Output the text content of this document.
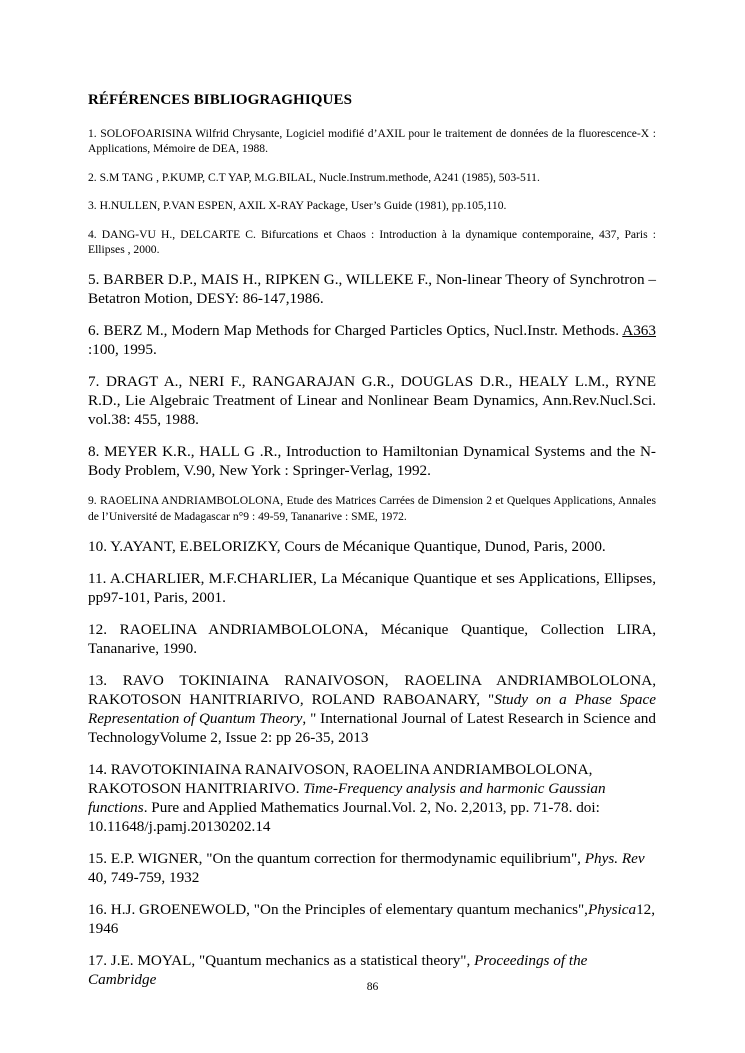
RÉFÉRENCES BIBLIOGRAGHIQUES
1. SOLOFOARISINA Wilfrid Chrysante, Logiciel modifié d’AXIL pour le traitement de données de la fluorescence-X : Applications, Mémoire de DEA, 1988.
2. S.M TANG , P.KUMP, C.T YAP, M.G.BILAL, Nucle.Instrum.methode, A241 (1985), 503-511.
3. H.NULLEN, P.VAN ESPEN, AXIL X-RAY Package, User’s Guide (1981), pp.105,110.
4. DANG-VU H., DELCARTE C. Bifurcations et Chaos : Introduction à la dynamique contemporaine, 437, Paris : Ellipses , 2000.
5. BARBER D.P., MAIS H., RIPKEN G., WILLEKE F., Non-linear Theory of Synchrotron – Betatron Motion, DESY: 86-147,1986.
6. BERZ M., Modern Map Methods for Charged Particles Optics, Nucl.Instr. Methods. A363 :100, 1995.
7. DRAGT A., NERI F., RANGARAJAN G.R., DOUGLAS D.R., HEALY L.M., RYNE R.D., Lie Algebraic Treatment of Linear and Nonlinear Beam Dynamics, Ann.Rev.Nucl.Sci. vol.38: 455, 1988.
8. MEYER K.R., HALL G .R., Introduction to Hamiltonian Dynamical Systems and the N-Body Problem, V.90, New York : Springer-Verlag, 1992.
9. RAOELINA ANDRIAMBOLOLONA, Etude des Matrices Carrées de Dimension 2 et Quelques Applications, Annales de l’Université de Madagascar n°9 : 49-59, Tananarive : SME, 1972.
10. Y.AYANT, E.BELORIZKY, Cours de Mécanique Quantique, Dunod, Paris, 2000.
11. A.CHARLIER, M.F.CHARLIER, La Mécanique Quantique et ses Applications, Ellipses, pp97-101, Paris, 2001.
12. RAOELINA ANDRIAMBOLOLONA, Mécanique Quantique, Collection LIRA, Tananarive, 1990.
13. RAVO TOKINIAINA RANAIVOSON, RAOELINA ANDRIAMBOLOLONA, RAKOTOSON HANITRIARIVO, ROLAND RABOANARY, "Study on a Phase Space Representation of Quantum Theory, " International Journal of Latest Research in Science and TechnologyVolume 2, Issue 2: pp 26-35, 2013
14. RAVOTOKINIAINA RANAIVOSON, RAOELINA ANDRIAMBOLOLONA, RAKOTOSON HANITRIARIVO. Time-Frequency analysis and harmonic Gaussian functions. Pure and Applied Mathematics Journal.Vol. 2, No. 2,2013, pp. 71-78. doi: 10.11648/j.pamj.20130202.14
15. E.P. WIGNER, "On the quantum correction for thermodynamic equilibrium", Phys. Rev 40, 749-759, 1932
16. H.J. GROENEWOLD, "On the Principles of elementary quantum mechanics",Physica12, 1946
17. J.E. MOYAL, "Quantum mechanics as a statistical theory", Proceedings of the Cambridge	86
